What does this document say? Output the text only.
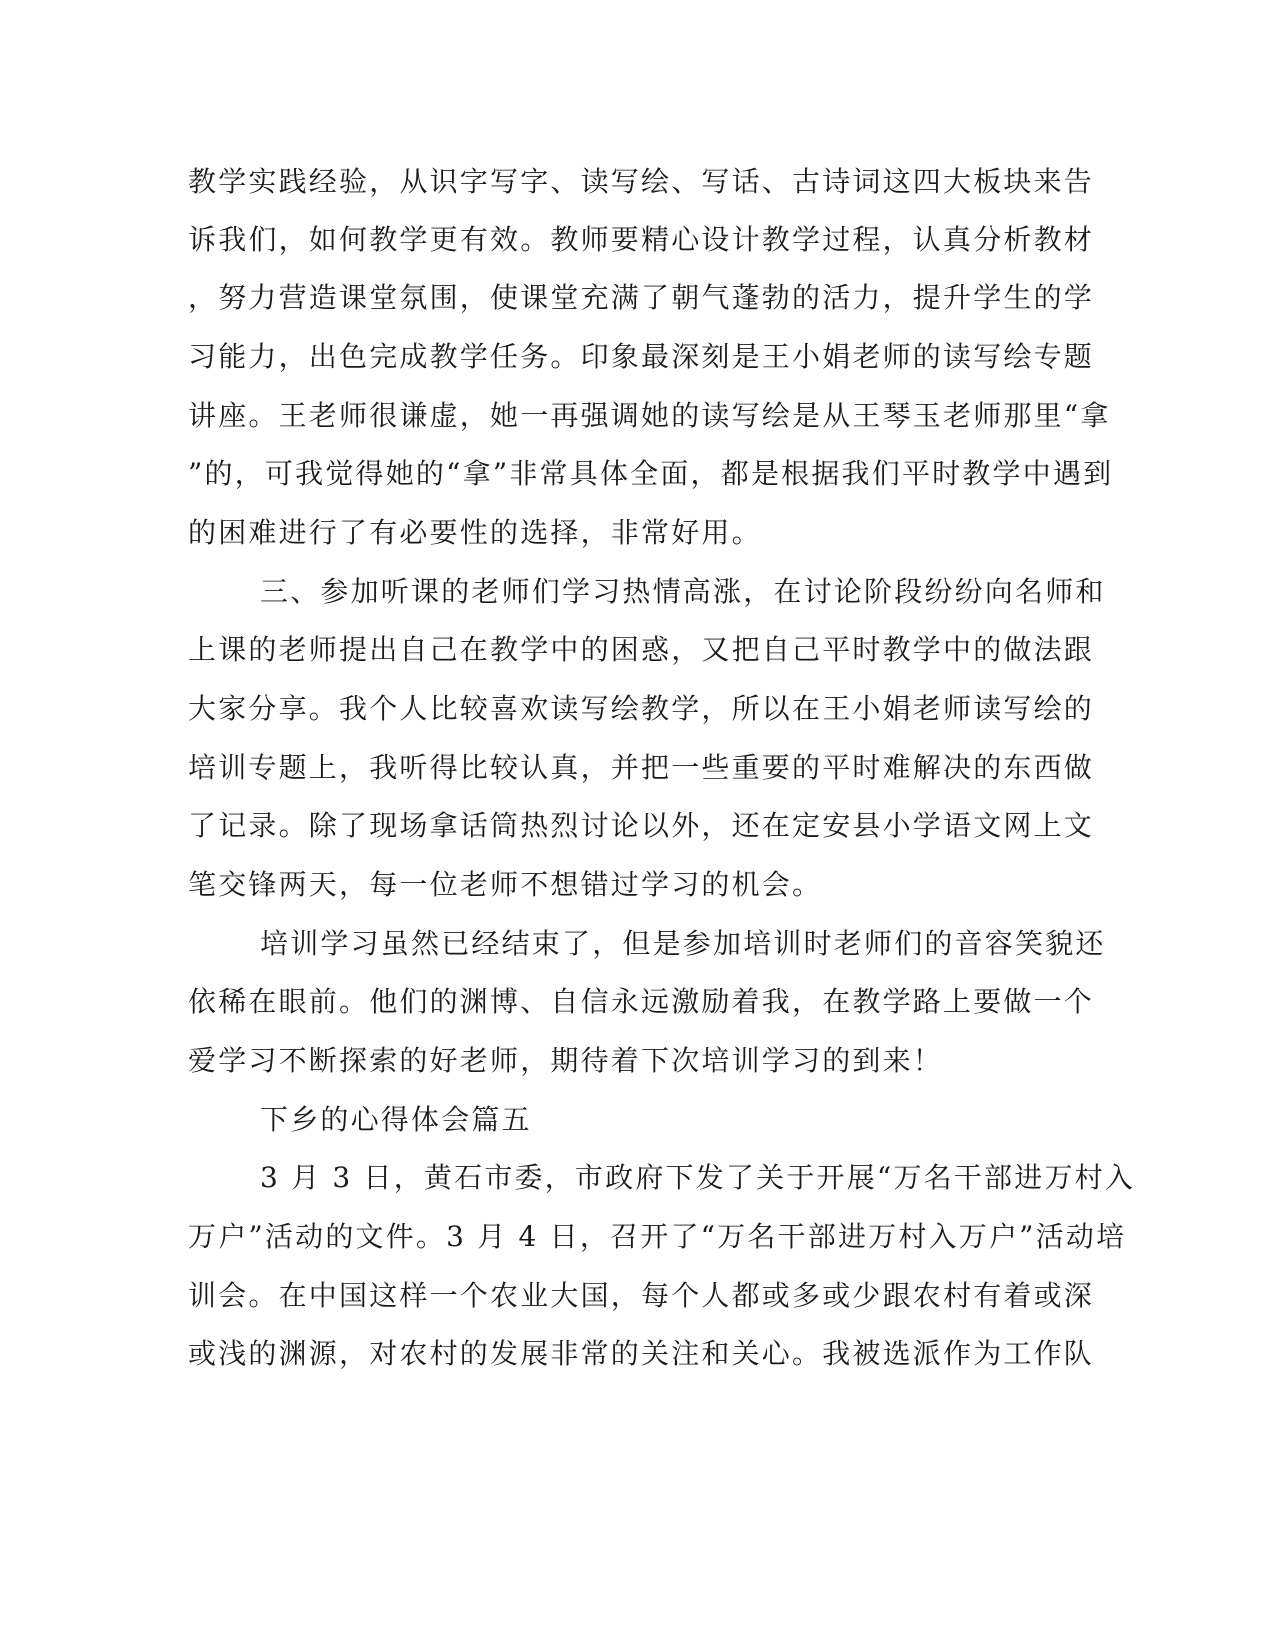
教学实践经验，从识字写字、读写绘、写话、古诗词这四大板块来告
诉我们，如何教学更有效。教师要精心设计教学过程，认真分析教材
，努力营造课堂氛围，使课堂充满了朝气蓬勃的活力，提升学生的学
习能力，出色完成教学任务。印象最深刻是王小娟老师的读写绘专题
讲座。王老师很谦虚，她一再强调她的读写绘是从王琴玉老师那里“拿
”的，可我觉得她的“拿”非常具体全面，都是根据我们平时教学中遇到
的困难进行了有必要性的选择，非常好用。
三、参加听课的老师们学习热情高涨，在讨论阶段纷纷向名师和
上课的老师提出自己在教学中的困惑，又把自己平时教学中的做法跟
大家分享。我个人比较喜欢读写绘教学，所以在王小娟老师读写绘的
培训专题上，我听得比较认真，并把一些重要的平时难解决的东西做
了记录。除了现场拿话筒热烈讨论以外，还在定安县小学语文网上文
笔交锋两天，每一位老师不想错过学习的机会。
培训学习虽然已经结束了，但是参加培训时老师们的音容笑貌还
依稀在眼前。他们的渊博、自信永远激励着我，在教学路上要做一个
爱学习不断探索的好老师，期待着下次培训学习的到来！
下乡的心得体会篇五
3 月 3 日，黄石市委，市政府下发了关于开展“万名干部进万村入
万户”活动的文件。3 月 4 日，召开了“万名干部进万村入万户”活动培
训会。在中国这样一个农业大国，每个人都或多或少跟农村有着或深
或浅的渊源，对农村的发展非常的关注和关心。我被选派作为工作队
